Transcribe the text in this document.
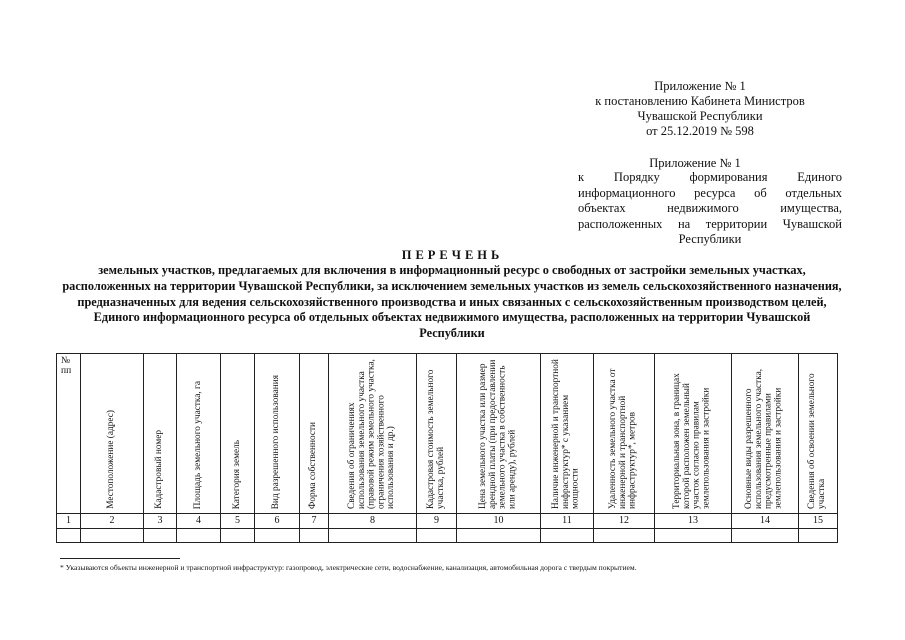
Приложение № 1
к постановлению Кабинета Министров
Чувашской Республики
от 25.12.2019 № 598
Приложение № 1
к Порядку формирования Единого информационного ресурса об отдельных объектах недвижимого имущества, расположенных на территории Чувашской Республики
ПЕРЕЧЕНЬ
земельных участков, предлагаемых для включения в информационный ресурс о свободных от застройки земельных участках, расположенных на территории Чувашской Республики, за исключением земельных участков из земель сельскохозяйственного назначения, предназначенных для ведения сельскохозяйственного производства и иных связанных с сельскохозяйственным производством целей, Единого информационного ресурса об отдельных объектах недвижимого имущества, расположенных на территории Чувашской Республики
№ пп	Местоположение (адрес)	Кадастровый номер	Площадь земельного участка, га	Категория земель	Вид разрешенного использования	Форма собственности	Сведения об ограничениях использования земельного участка (правовой режим земельного участка, ограничения хозяйственного использования и др.)	Кадастровая стоимость земельного участка, рублей	Цена земельного участка или размер арендной платы (при предоставлении земельного участка в собственность или аренду), рублей	Наличие инженерной и транспортной инфраструктур* с указанием мощности	Удаленность земельного участка от инженерной и транспортной инфраструктур*, метров	Территориальная зона, в границах которой расположен земельный участок согласно правилам землепользования и застройки	Основные виды разрешенного использования земельного участка, предусмотренные правилами землепользования и застройки	Сведения об освоении земельного участка

1	2	3	4	5	6	7	8	9	10	11	12	13	14	15

* Указываются объекты инженерной и транспортной инфраструктур: газопровод, электрические сети, водоснабжение, канализация, автомобильная дорога с твердым покрытием.
